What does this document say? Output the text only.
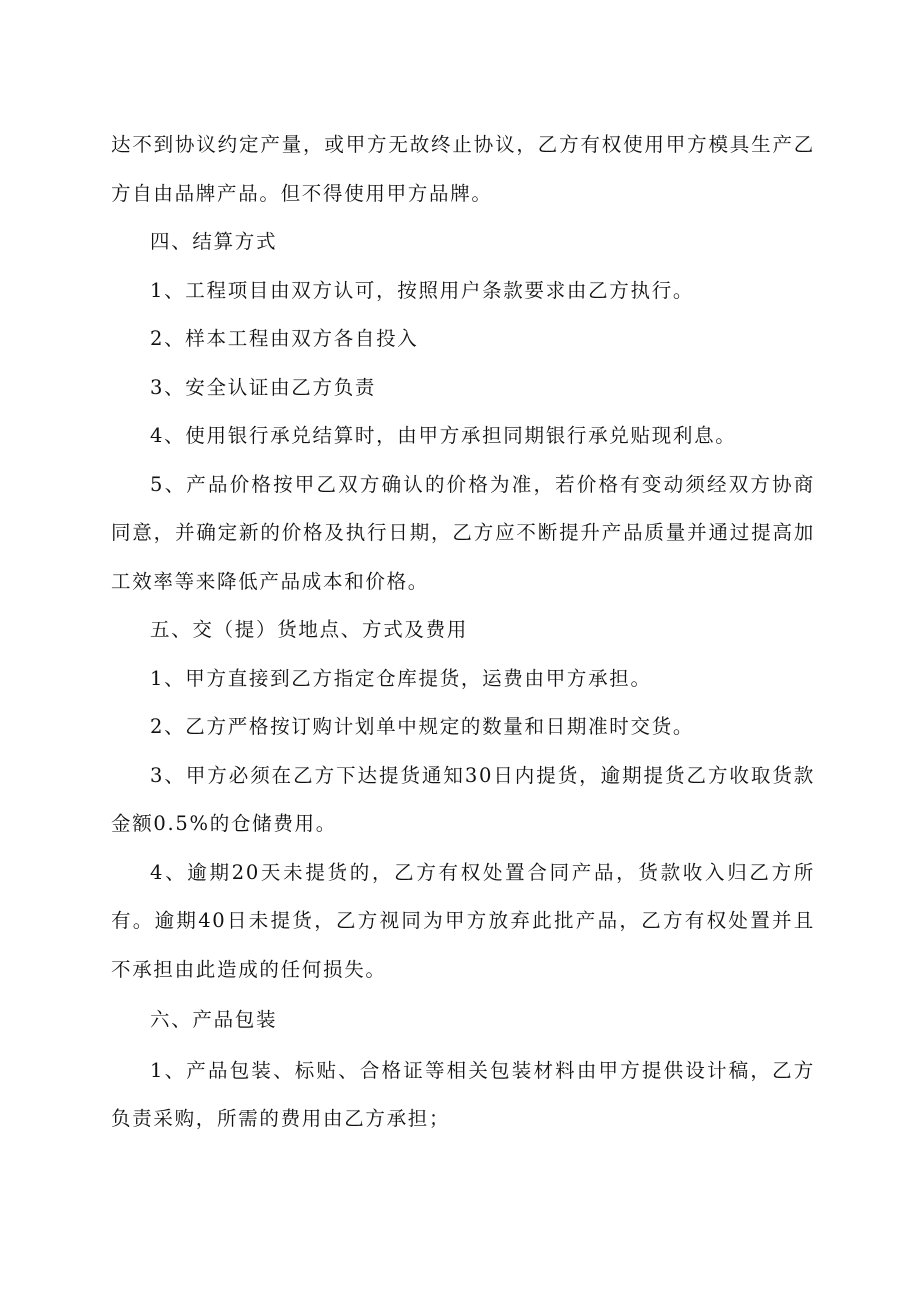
达不到协议约定产量，或甲方无故终止协议，乙方有权使用甲方模具生产乙方自由品牌产品。但不得使用甲方品牌。

四、结算方式

1、工程项目由双方认可，按照用户条款要求由乙方执行。

2、样本工程由双方各自投入

3、安全认证由乙方负责

4、使用银行承兑结算时，由甲方承担同期银行承兑贴现利息。

5、产品价格按甲乙双方确认的价格为准，若价格有变动须经双方协商同意，并确定新的价格及执行日期，乙方应不断提升产品质量并通过提高加工效率等来降低产品成本和价格。

五、交（提）货地点、方式及费用

1、甲方直接到乙方指定仓库提货，运费由甲方承担。

2、乙方严格按订购计划单中规定的数量和日期准时交货。

3、甲方必须在乙方下达提货通知30日内提货，逾期提货乙方收取货款金额0.5%的仓储费用。

4、逾期20天未提货的，乙方有权处置合同产品，货款收入归乙方所有。逾期40日未提货，乙方视同为甲方放弃此批产品，乙方有权处置并且不承担由此造成的任何损失。

六、产品包装

1、产品包装、标贴、合格证等相关包装材料由甲方提供设计稿，乙方负责采购，所需的费用由乙方承担；
